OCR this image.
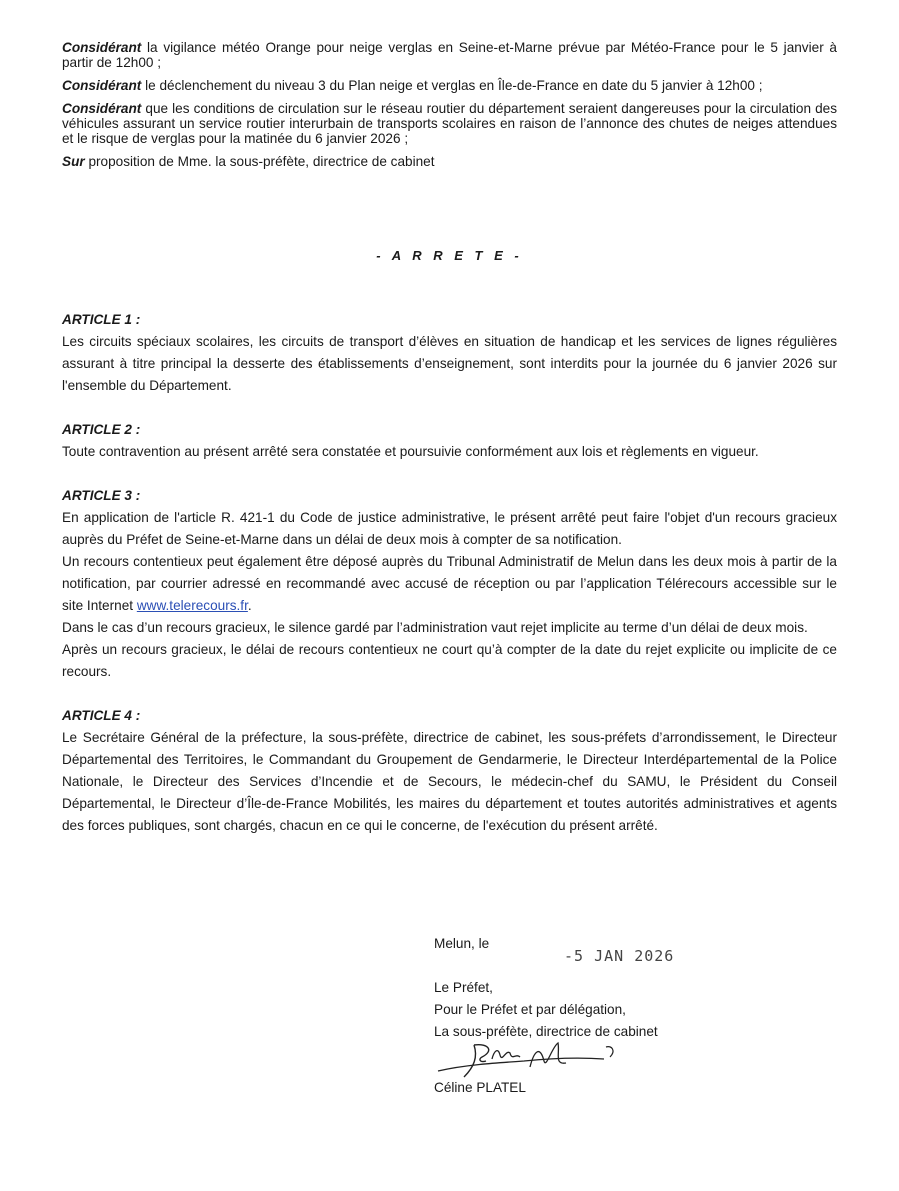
Considérant la vigilance météo Orange pour neige verglas en Seine-et-Marne prévue par Météo-France pour le 5 janvier à partir de 12h00 ;

Considérant le déclenchement du niveau 3 du Plan neige et verglas en Île-de-France en date du 5 janvier à 12h00 ;

Considérant que les conditions de circulation sur le réseau routier du département seraient dangereuses pour la circulation des véhicules assurant un service routier interurbain de transports scolaires en raison de l’annonce des chutes de neiges attendues et le risque de verglas pour la matinée du 6 janvier 2026 ;

Sur proposition de Mme. la sous-préfète, directrice de cabinet

- A R R E T E -
ARTICLE 1 :

Les circuits spéciaux scolaires, les circuits de transport d’élèves en situation de handicap et les services de lignes régulières assurant à titre principal la desserte des établissements d’enseignement, sont interdits pour la journée du 6 janvier 2026 sur l'ensemble du Département.

ARTICLE 2 :

Toute contravention au présent arrêté sera constatée et poursuivie conformément aux lois et règlements en vigueur.

ARTICLE 3 :

En application de l'article R. 421-1 du Code de justice administrative, le présent arrêté peut faire l'objet d'un recours gracieux auprès du Préfet de Seine-et-Marne dans un délai de deux mois à compter de sa notification.

Un recours contentieux peut également être déposé auprès du Tribunal Administratif de Melun dans les deux mois à partir de la notification, par courrier adressé en recommandé avec accusé de réception ou par l’application Télérecours accessible sur le site Internet www.telerecours.fr.

Dans le cas d’un recours gracieux, le silence gardé par l’administration vaut rejet implicite au terme d’un délai de deux mois.

Après un recours gracieux, le délai de recours contentieux ne court qu’à compter de la date du rejet explicite ou implicite de ce recours.

ARTICLE 4 :

Le Secrétaire Général de la préfecture, la sous-préfète, directrice de cabinet, les sous-préfets d’arrondissement, le Directeur Départemental des Territoires, le Commandant du Groupement de Gendarmerie, le Directeur Interdépartemental de la Police Nationale, le Directeur des Services d’Incendie et de Secours, le médecin-chef du SAMU, le Président du Conseil Départemental, le Directeur d’Île-de-France Mobilités, les maires du département et toutes autorités administratives et agents des forces publiques, sont chargés, chacun en ce qui le concerne, de l'exécution du présent arrêté.

Melun, le
-5 JAN 2026

Le Préfet,

Pour le Préfet et par délégation,

La sous-préfète, directrice de cabinet

Céline PLATEL
